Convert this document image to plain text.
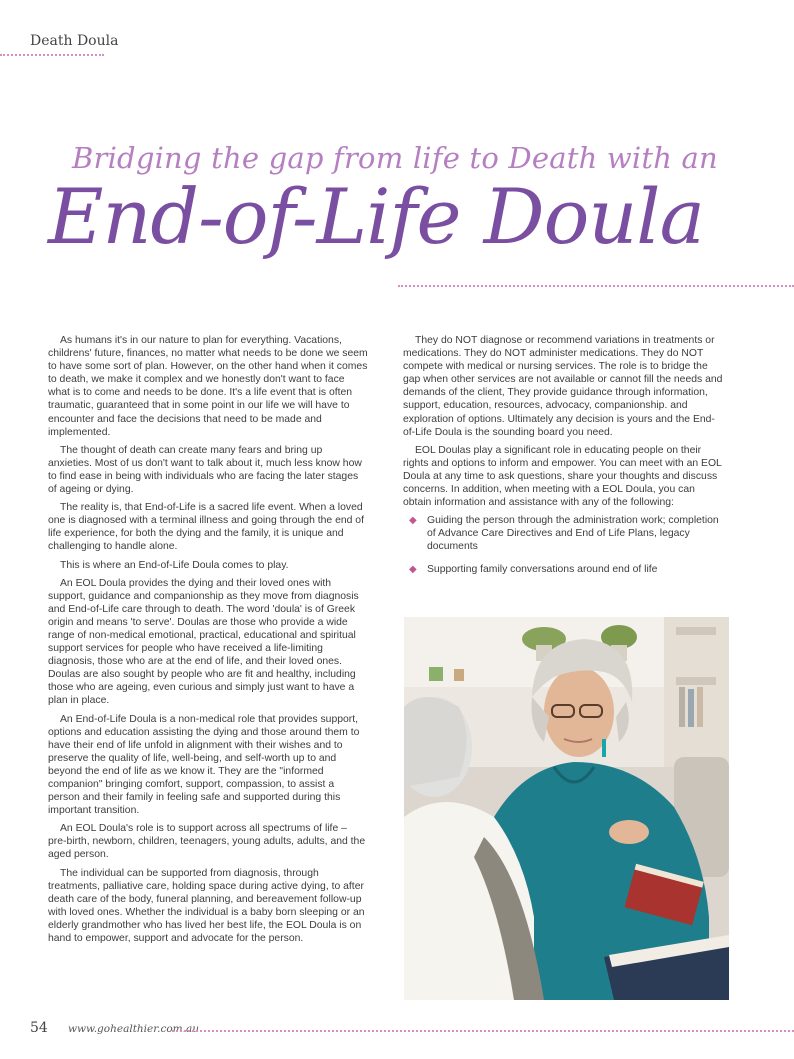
Death Doula
Bridging the gap from life to Death with an
End-of-Life Doula

As humans it's in our nature to plan for everything. Vacations, childrens' future, finances, no matter what needs to be done we seem to have some sort of plan. However, on the other hand when it comes to death, we make it complex and we honestly don't want to face what is to come and needs to be done. It's a life event that is often traumatic, guaranteed that in some point in our life we will have to encounter and face the decisions that need to be made and implemented.

The thought of death can create many fears and bring up anxieties. Most of us don't want to talk about it, much less know how to find ease in being with individuals who are facing the later stages of ageing or dying.

The reality is, that End-of-Life is a sacred life event. When a loved one is diagnosed with a terminal illness and going through the end of life experience, for both the dying and the family, it is unique and challenging to handle alone.

This is where an End-of-Life Doula comes to play.

An EOL Doula provides the dying and their loved ones with support, guidance and companionship as they move from diagnosis and End-of-Life care through to death. The word 'doula' is of Greek origin and means 'to serve'. Doulas are those who provide a wide range of non-medical emotional, practical, educational and spiritual support services for people who have received a life-limiting diagnosis, those who are at the end of life, and their loved ones. Doulas are also sought by people who are fit and healthy, including those who are ageing, even curious and simply just want to have a plan in place.

An End-of-Life Doula is a non-medical role that provides support, options and education assisting the dying and those around them to have their end of life unfold in alignment with their wishes and to preserve the quality of life, well-being, and self-worth up to and beyond the end of life as we know it. They are the "informed companion" bringing comfort, support, compassion, to assist a person and their family in feeling safe and supported during this important transition.

An EOL Doula's role is to support across all spectrums of life – pre-birth, newborn, children, teenagers, young adults, adults, and the aged person.

The individual can be supported from diagnosis, through treatments, palliative care, holding space during active dying, to after death care of the body, funeral planning, and bereavement follow-up with loved ones. Whether the individual is a baby born sleeping or an elderly grandmother who has lived her best life, the EOL Doula is on hand to empower, support and advocate for the person.

They do NOT diagnose or recommend variations in treatments or medications. They do NOT administer medications. They do NOT compete with medical or nursing services. The role is to bridge the gap when other services are not available or cannot fill the needs and demands of the client, They provide guidance through information, support, education, resources, advocacy, companionship. and exploration of options. Ultimately any decision is yours and the End-of-Life Doula is the sounding board you need.

EOL Doulas play a significant role in educating people on their rights and options to inform and empower. You can meet with an EOL Doula at any time to ask questions, share your thoughts and discuss concerns. In addition, when meeting with a EOL Doula, you can obtain information and assistance with any of the following:

◆ Guiding the person through the administration work; completion of Advance Care Directives and End of Life Plans, legacy documents
◆ Supporting family conversations around end of life
54 www.gohealthier.com.au
